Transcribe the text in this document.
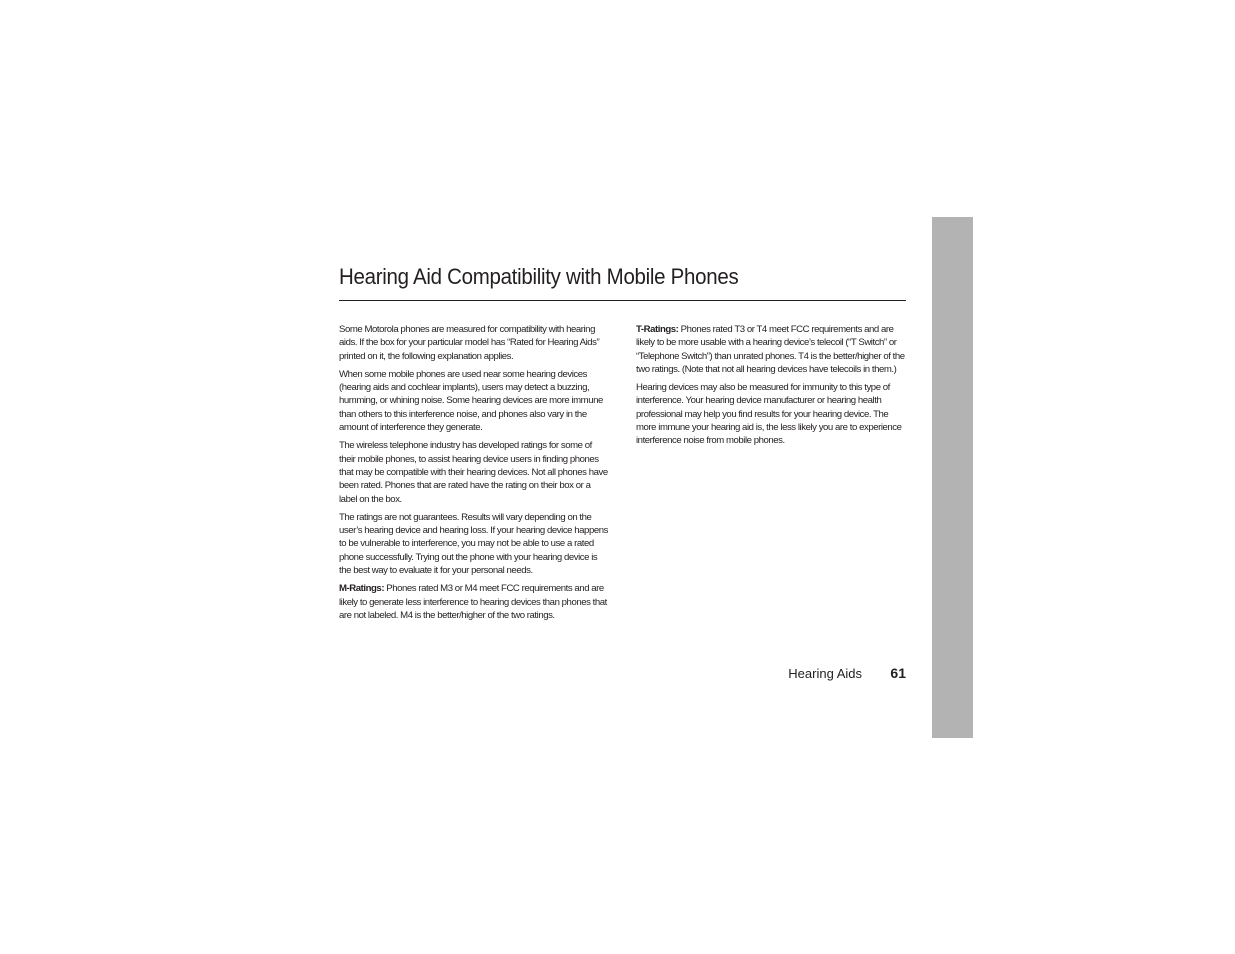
Hearing Aid Compatibility with Mobile Phones

Some Motorola phones are measured for compatibility with hearing aids. If the box for your particular model has “Rated for Hearing Aids” printed on it, the following explanation applies.

When some mobile phones are used near some hearing devices (hearing aids and cochlear implants), users may detect a buzzing, humming, or whining noise. Some hearing devices are more immune than others to this interference noise, and phones also vary in the amount of interference they generate.

The wireless telephone industry has developed ratings for some of their mobile phones, to assist hearing device users in finding phones that may be compatible with their hearing devices. Not all phones have been rated. Phones that are rated have the rating on their box or a label on the box.

The ratings are not guarantees. Results will vary depending on the user’s hearing device and hearing loss. If your hearing device happens to be vulnerable to interference, you may not be able to use a rated phone successfully. Trying out the phone with your hearing device is the best way to evaluate it for your personal needs.

M-Ratings: Phones rated M3 or M4 meet FCC requirements and are likely to generate less interference to hearing devices than phones that are not labeled. M4 is the better/higher of the two ratings.

T-Ratings: Phones rated T3 or T4 meet FCC requirements and are likely to be more usable with a hearing device’s telecoil (“T Switch” or “Telephone Switch”) than unrated phones. T4 is the better/higher of the two ratings. (Note that not all hearing devices have telecoils in them.)

Hearing devices may also be measured for immunity to this type of interference. Your hearing device manufacturer or hearing health professional may help you find results for your hearing device. The more immune your hearing aid is, the less likely you are to experience interference noise from mobile phones.

Hearing Aids	61
